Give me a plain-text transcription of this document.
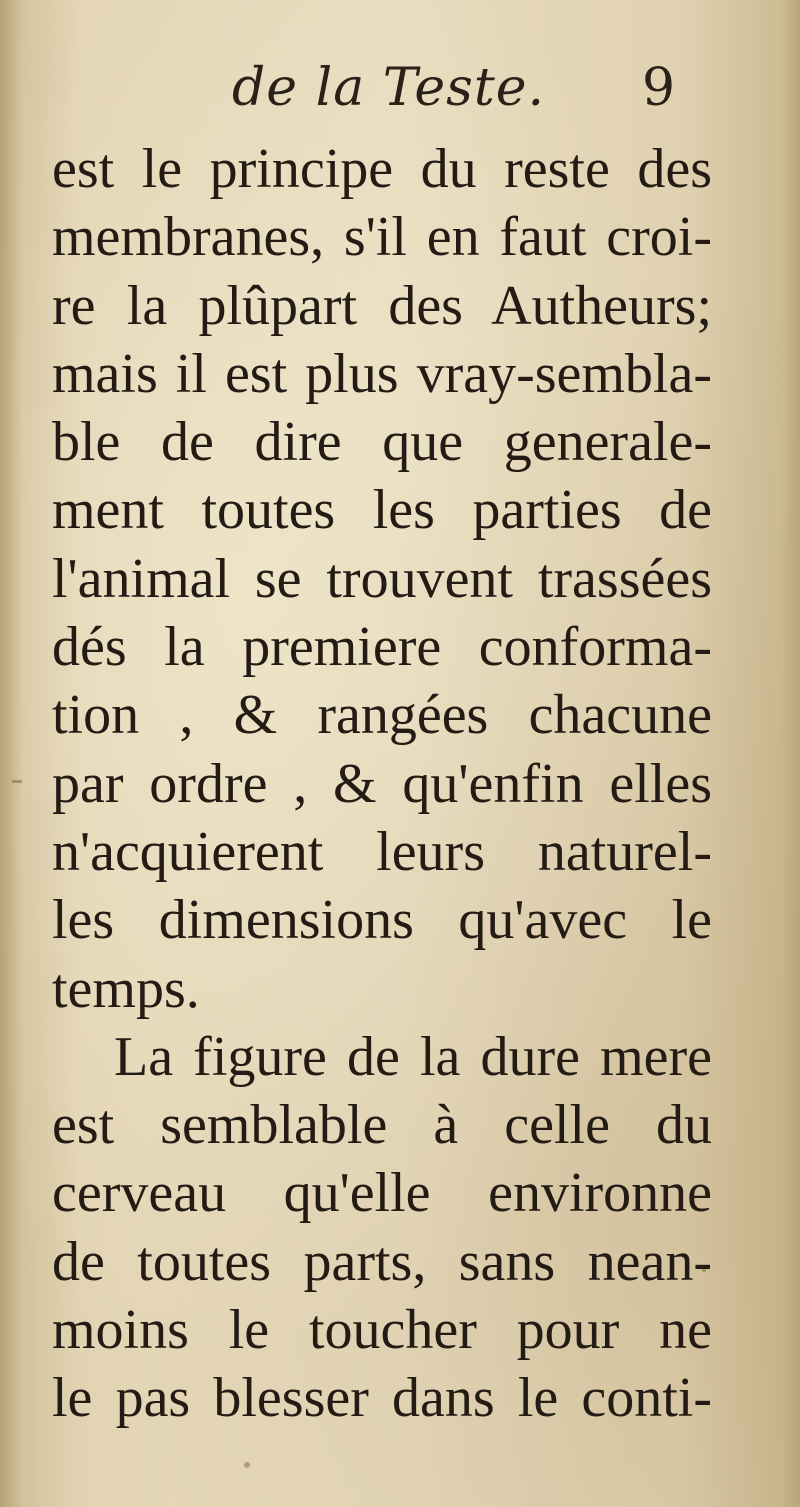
de la Teste. 9
est le principe du reste des
membranes, s'il en faut croi-
re la plûpart des Autheurs;
mais il est plus vray-sembla-
ble de dire que generale-
ment toutes les parties de
l'animal se trouvent trassées
dés la premiere conforma-
tion , & rangées chacune
par ordre , & qu'enfin elles
n'acquierent leurs naturel-
les dimensions qu'avec le
temps.
La figure de la dure mere
est semblable à celle du
cerveau qu'elle environne
de toutes parts, sans nean-
moins le toucher pour ne
le pas blesser dans le conti-
